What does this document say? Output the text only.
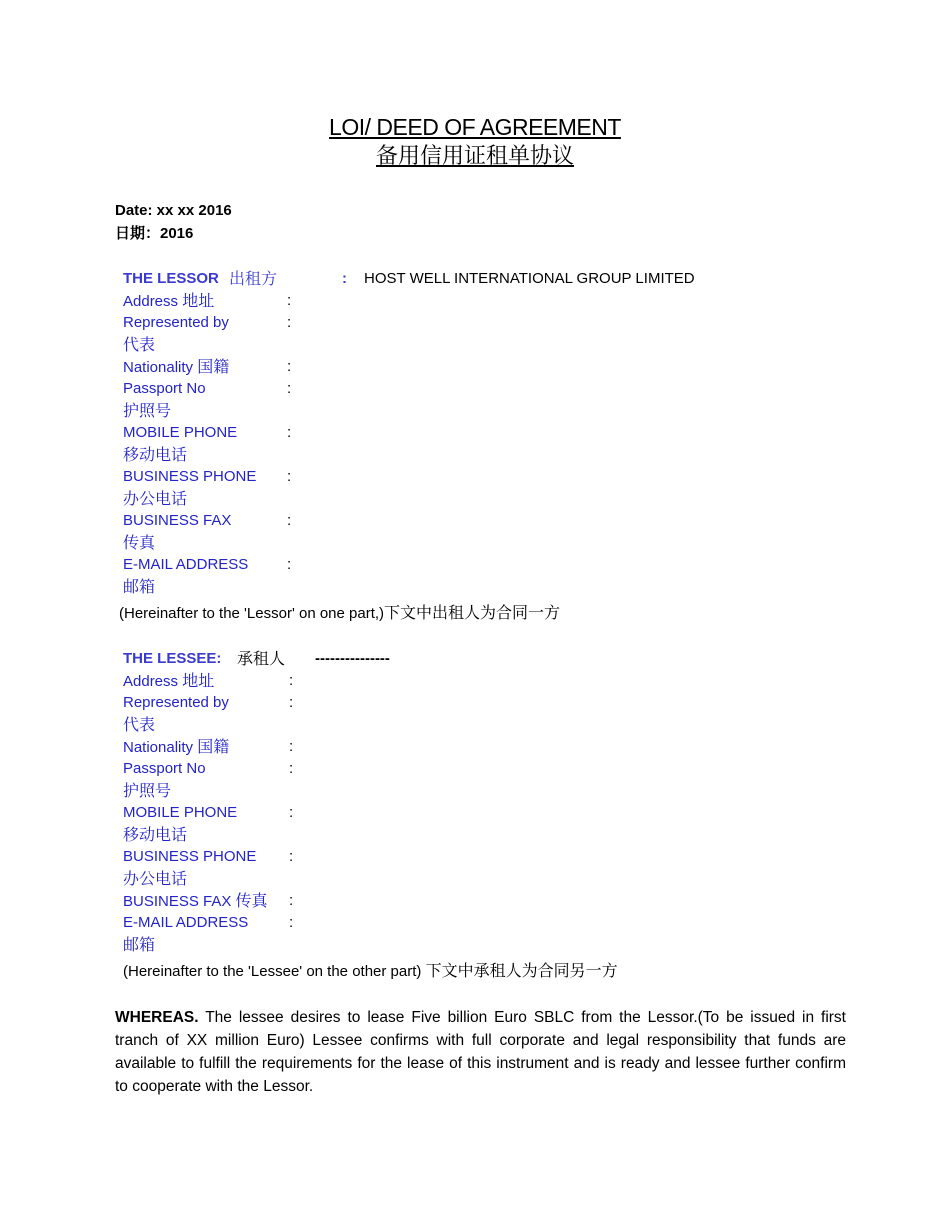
LOI/ DEED OF AGREEMENT
备用信用证租单协议
Date: xx xx 2016
日期：2016
THE LESSOR 出租方	: HOST WELL INTERNATIONAL GROUP LIMITED
Address 地址	:
Represented by	:
代表
Nationality 国籍	:
Passport No	:
护照号
MOBILE PHONE	:
移动电话
BUSINESS PHONE :
办公电话
BUSINESS FAX	:
传真
E-MAIL ADDRESS	:
邮箱
(Hereinafter to the 'Lessor' on one part,)下文中出租人为合同一方
THE LESSEE: 承租人 ---------------
Address 地址	:
Represented by	:
代表
Nationality 国籍	:
Passport No	:
护照号
MOBILE PHONE	:
移动电话
BUSINESS PHONE :
办公电话
BUSINESS FAX 传真 :
E-MAIL ADDRESS	:
邮箱
(Hereinafter to the 'Lessee' on the other part) 下文中承租人为合同另一方
WHEREAS. The lessee desires to lease Five billion Euro SBLC from the Lessor.(To be issued in first tranch of XX million Euro) Lessee confirms with full corporate and legal responsibility that funds are available to fulfill the requirements for the lease of this instrument and is ready and lessee further confirm to cooperate with the Lessor.
